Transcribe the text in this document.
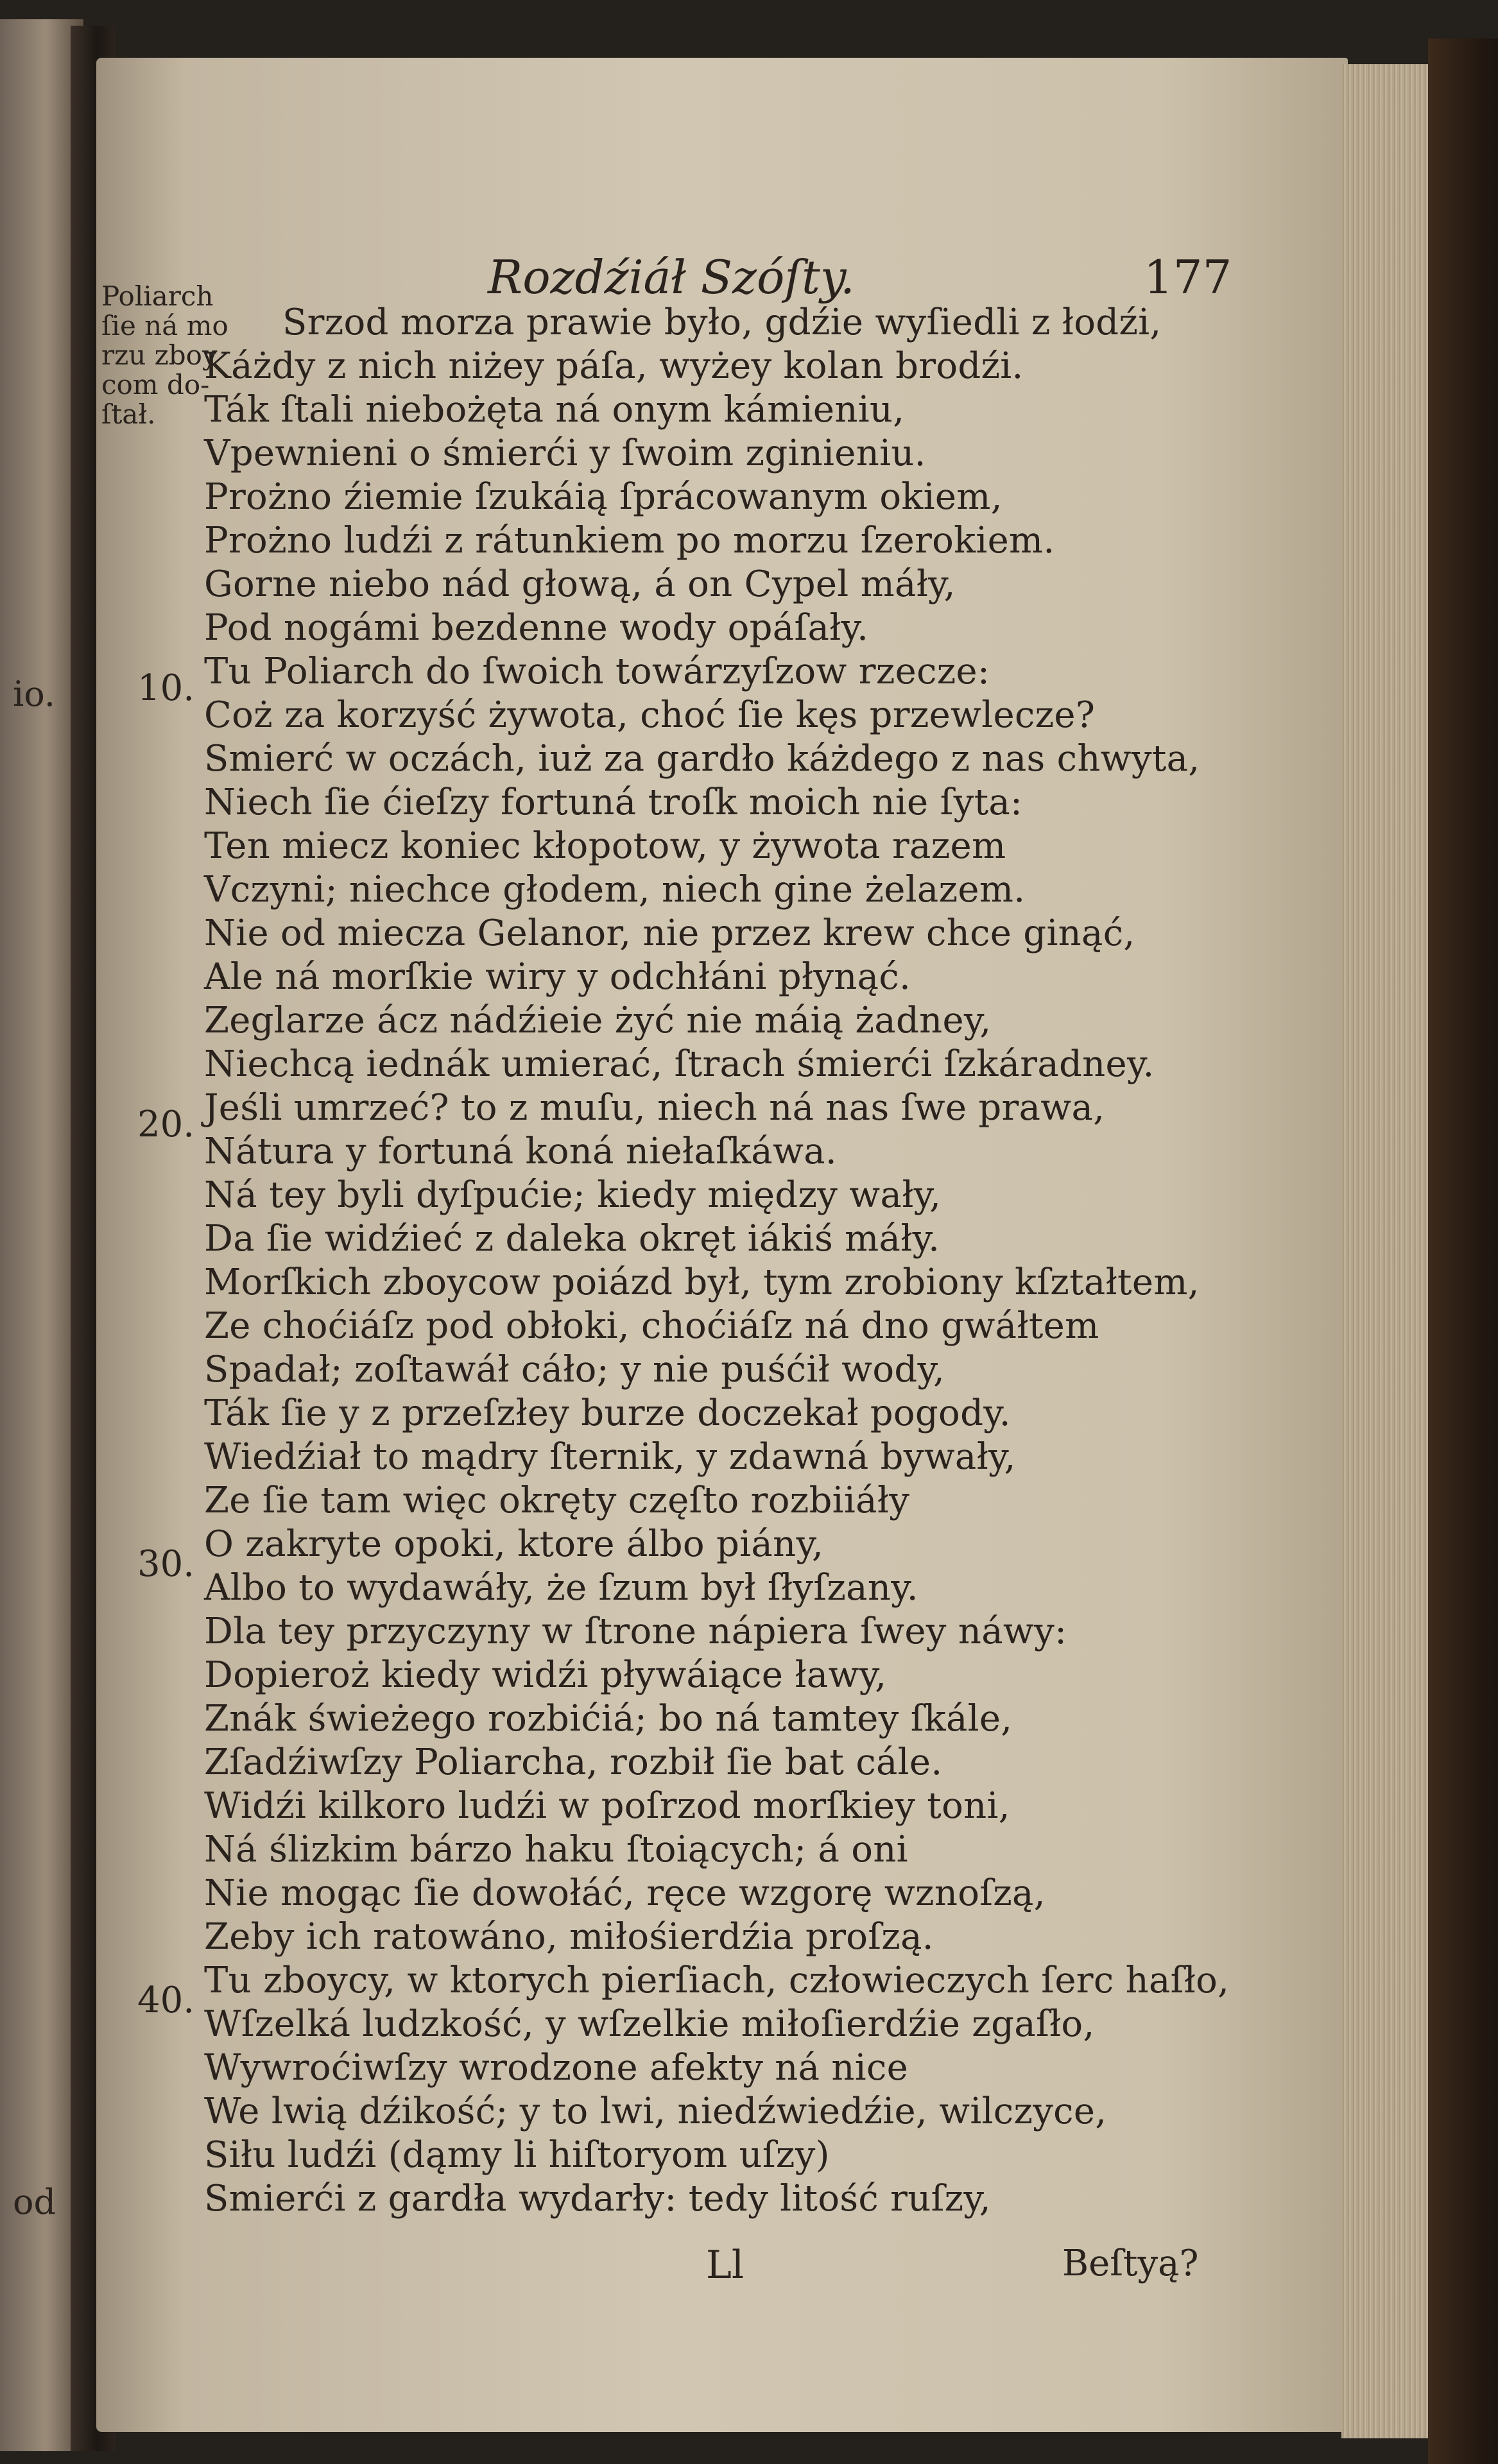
io.
od
Rozdźiáł Szóſty.	177
Poliarch
ſie ná mo
rzu zboy
com do-
ſtał.
10.
20.
30.
40.
Srzod morza prawie było, gdźie wyſiedli z łodźi,
Káżdy z nich niżey páſa, wyżey kolan brodźi.
Ták ſtali niebożęta ná onym kámieniu,
Vpewnieni o śmierći y ſwoim zginieniu.
Prożno źiemie ſzukáią ſprácowanym okiem,
Prożno ludźi z rátunkiem po morzu ſzerokiem.
Gorne niebo nád głową, á on Cypel máły,
Pod nogámi bezdenne wody opáſały.
Tu Poliarch do ſwoich towárzyſzow rzecze:
Coż za korzyść żywota, choć ſie kęs przewlecze?
Smierć w oczách, iuż za gardło káżdego z nas chwyta,
Niech ſie ćieſzy fortuná troſk moich nie ſyta:
Ten miecz koniec kłopotow, y żywota razem
Vczyni; niechce głodem, niech gine żelazem.
Nie od miecza Gelanor, nie przez krew chce ginąć,
Ale ná morſkie wiry y odchłáni płynąć.
Zeglarze ácz nádźieie żyć nie máią żadney,
Niechcą iednák umierać, ſtrach śmierći ſzkáradney.
Jeśli umrzeć? to z muſu, niech ná nas ſwe prawa,
Nátura y fortuná koná niełaſkáwa.
Ná tey byli dyſpućie; kiedy między wały,
Da ſie widźieć z daleka okręt iákiś máły.
Morſkich zboycow poiázd był, tym zrobiony kſztałtem,
Ze choćiáſz pod obłoki, choćiáſz ná dno gwáłtem
Spadał; zoſtawáł cáło; y nie puśćił wody,
Ták ſie y z przeſzłey burze doczekał pogody.
Wiedźiał to mądry ſternik, y zdawná bywały,
Ze ſie tam więc okręty częſto rozbiiáły
O zakryte opoki, ktore álbo piány,
Albo to wydawáły, że ſzum był ſłyſzany.
Dla tey przyczyny w ſtrone nápiera ſwey náwy:
Dopieroż kiedy widźi pływáiące ławy,
Znák świeżego rozbićiá; bo ná tamtey ſkále,
Zſadźiwſzy Poliarcha, rozbił ſie bat cále.
Widźi kilkoro ludźi w poſrzod morſkiey toni,
Ná ślizkim bárzo haku ſtoiących; á oni
Nie mogąc ſie dowołáć, ręce wzgorę wznoſzą,
Zeby ich ratowáno, miłośierdźia proſzą.
Tu zboycy, w ktorych pierſiach, człowieczych ſerc haſło,
Wſzelká ludzkość, y wſzelkie miłoſierdźie zgaſło,
Wywroćiwſzy wrodzone afekty ná nice
We lwią dźikość; y to lwi, niedźwiedźie, wilczyce,
Siłu ludźi (dąmy li hiſtoryom uſzy)
Smierći z gardła wydarły: tedy litość ruſzy,
Ll	Beſtyą?
